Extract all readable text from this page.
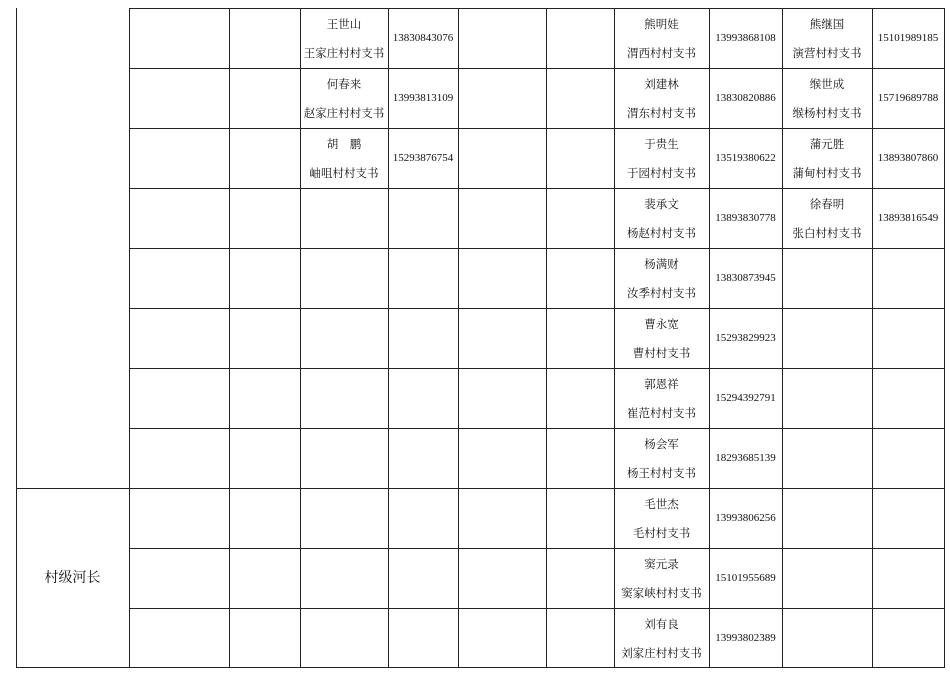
王世山
王家庄村村支书
13830843076
何春来
赵家庄村村支书
13993813109
胡　鹏
岫咀村村支书
15293876754
熊明娃
渭西村村支书
13993868108
刘建林
渭东村村支书
13830820886
于贵生
于园村村支书
13519380622
裴承文
杨赵村村支书
13893830778
杨满财
汝季村村支书
13830873945
曹永宽
曹村村支书
15293829923
郭恩祥
崔范村村支书
15294392791
杨会军
杨王村村支书
18293685139
毛世杰
毛村村支书
13993806256
窦元录
窦家峡村村支书
15101955689
刘有良
刘家庄村村支书
13993802389
熊继国
演营村村支书
15101989185
缑世成
缑杨村村支书
15719689788
蒲元胜
蒲甸村村支书
13893807860
徐春明
张白村村支书
13893816549
村级河长
